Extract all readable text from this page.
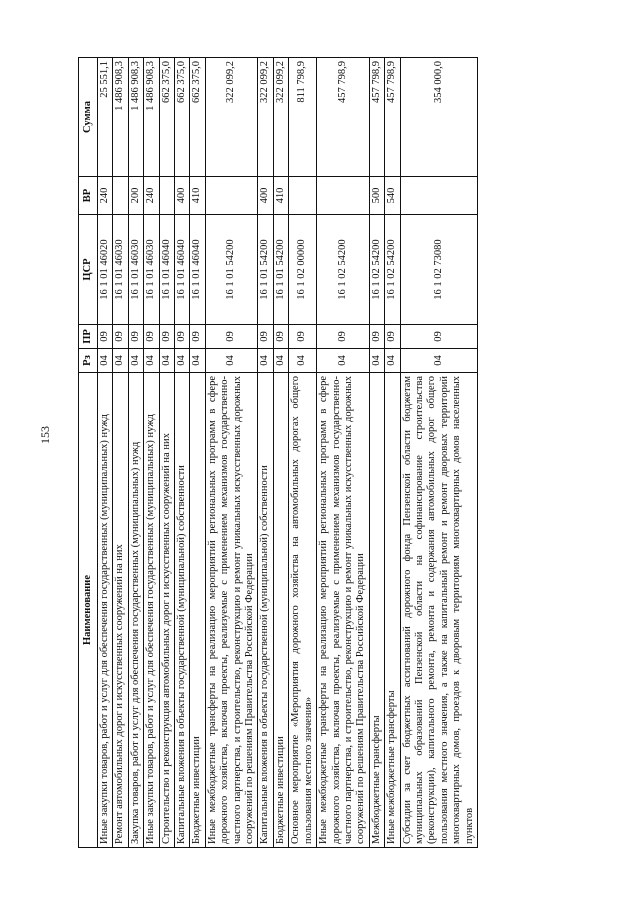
153
Наименование	Рз	ПР	ЦСР	ВР	Сумма
Иные закупки товаров, работ и услуг для обеспечения государственных (муниципальных) нужд	04	09	16 1 01 46020	240	25 551,1
Ремонт автомобильных дорог и искусственных сооружений на них	04	09	16 1 01 46030		1 486 908,3
Закупка товаров, работ и услуг для обеспечения государственных (муниципальных) нужд	04	09	16 1 01 46030	200	1 486 908,3
Иные закупки товаров, работ и услуг для обеспечения государственных (муниципальных) нужд	04	09	16 1 01 46030	240	1 486 908,3
Строительство и реконструкция автомобильных дорог и искусственных сооружений на них	04	09	16 1 01 46040		662 375,0
Капитальные вложения в объекты государственной (муниципальной) собственности	04	09	16 1 01 46040	400	662 375,0
Бюджетные инвестиции	04	09	16 1 01 46040	410	662 375,0
Иные межбюджетные трансферты на реализацию мероприятий региональных программ в сфере дорожного хозяйства, включая проекты, реализуемые с применением механизмов государственно-частного партнерства, и строительство, реконструкцию и ремонт уникальных искусственных дорожных сооружений по решениям Правительства Российской Федерации	04	09	16 1 01 54200		322 099,2
Капитальные вложения в объекты государственной (муниципальной) собственности	04	09	16 1 01 54200	400	322 099,2
Бюджетные инвестиции	04	09	16 1 01 54200	410	322 099,2
Основное мероприятие «Мероприятия дорожного хозяйства на автомобильных дорогах общего пользования местного значения»	04	09	16 1 02 00000		811 798,9
Иные межбюджетные трансферты на реализацию мероприятий региональных программ в сфере дорожного хозяйства, включая проекты, реализуемые с применением механизмов государственно-частного партнерства, и строительство, реконструкцию и ремонт уникальных искусственных дорожных сооружений по решениям Правительства Российской Федерации	04	09	16 1 02 54200		457 798,9
Межбюджетные трансферты	04	09	16 1 02 54200	500	457 798,9
Иные межбюджетные трансферты	04	09	16 1 02 54200	540	457 798,9
Субсидии за счет бюджетных ассигнований дорожного фонда Пензенской области бюджетам муниципальных образований Пензенской области на софинансирование строительства (реконструкции), капитального ремонта, ремонта и содержания автомобильных дорог общего пользования местного значения, а также на капитальный ремонт и ремонт дворовых территорий многоквартирных домов, проездов к дворовым территориям многоквартирных домов населенных пунктов	04	09	16 1 02 73080		354 000,0
